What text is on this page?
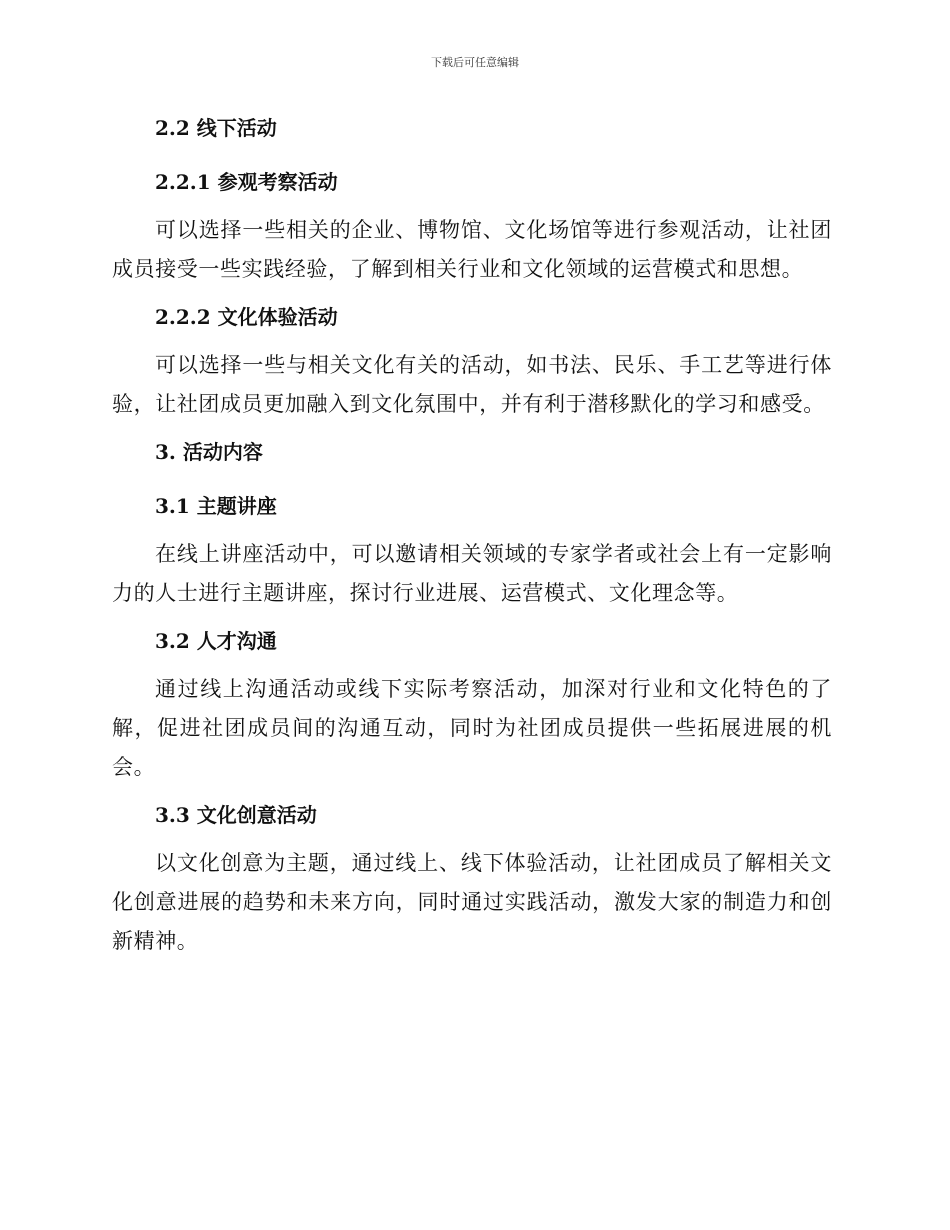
下载后可任意编辑
2.2 线下活动
2.2.1 参观考察活动

可以选择一些相关的企业、博物馆、文化场馆等进行参观活动，让社团成员接受一些实践经验，了解到相关行业和文化领域的运营模式和思想。

2.2.2 文化体验活动

可以选择一些与相关文化有关的活动，如书法、民乐、手工艺等进行体验，让社团成员更加融入到文化氛围中，并有利于潜移默化的学习和感受。

3. 活动内容
3.1 主题讲座

在线上讲座活动中，可以邀请相关领域的专家学者或社会上有一定影响力的人士进行主题讲座，探讨行业进展、运营模式、文化理念等。

3.2 人才沟通

通过线上沟通活动或线下实际考察活动，加深对行业和文化特色的了解，促进社团成员间的沟通互动，同时为社团成员提供一些拓展进展的机会。

3.3 文化创意活动

以文化创意为主题，通过线上、线下体验活动，让社团成员了解相关文化创意进展的趋势和未来方向，同时通过实践活动，激发大家的制造力和创新精神。
